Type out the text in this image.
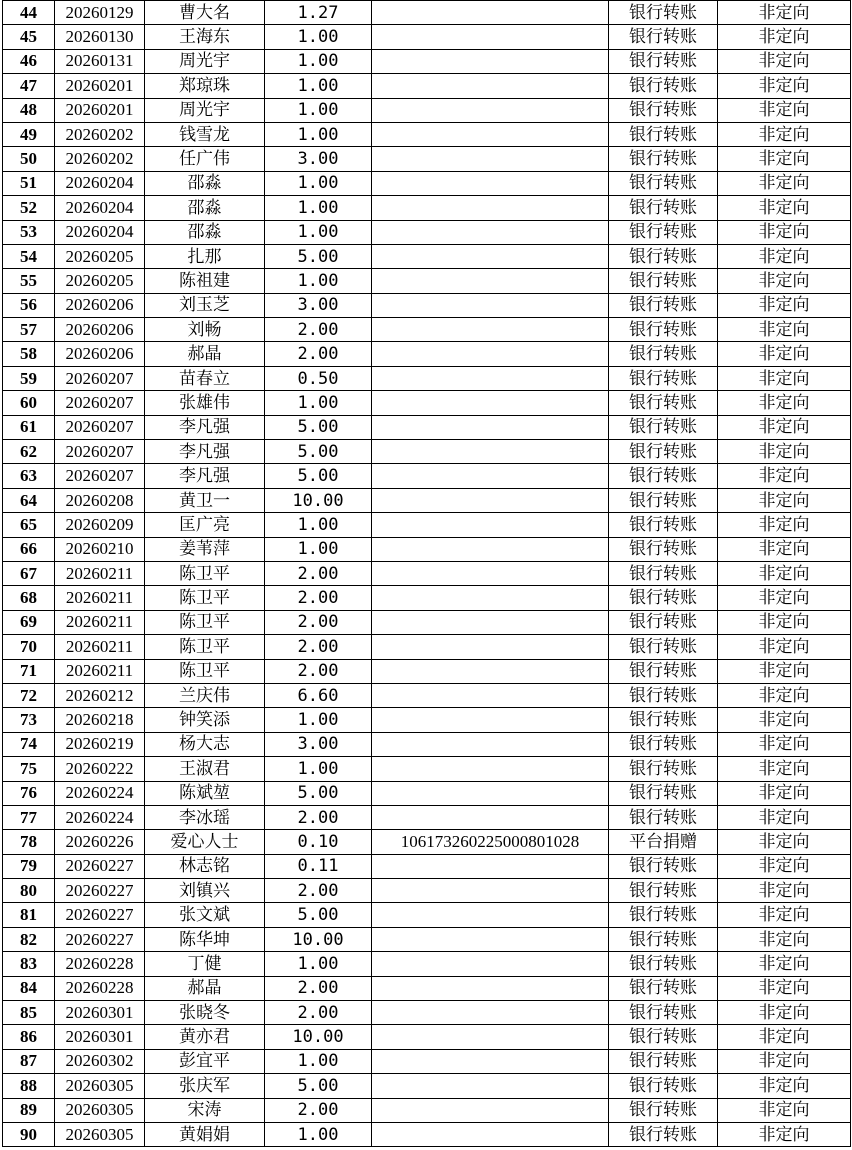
44	20260129	曹大名	1.27		银行转账	非定向
45	20260130	王海东	1.00		银行转账	非定向
46	20260131	周光宇	1.00		银行转账	非定向
47	20260201	郑琼珠	1.00		银行转账	非定向
48	20260201	周光宇	1.00		银行转账	非定向
49	20260202	钱雪龙	1.00		银行转账	非定向
50	20260202	任广伟	3.00		银行转账	非定向
51	20260204	邵淼	1.00		银行转账	非定向
52	20260204	邵淼	1.00		银行转账	非定向
53	20260204	邵淼	1.00		银行转账	非定向
54	20260205	扎那	5.00		银行转账	非定向
55	20260205	陈祖建	1.00		银行转账	非定向
56	20260206	刘玉芝	3.00		银行转账	非定向
57	20260206	刘畅	2.00		银行转账	非定向
58	20260206	郝晶	2.00		银行转账	非定向
59	20260207	苗春立	0.50		银行转账	非定向
60	20260207	张雄伟	1.00		银行转账	非定向
61	20260207	李凡强	5.00		银行转账	非定向
62	20260207	李凡强	5.00		银行转账	非定向
63	20260207	李凡强	5.00		银行转账	非定向
64	20260208	黄卫一	10.00		银行转账	非定向
65	20260209	匡广亮	1.00		银行转账	非定向
66	20260210	姜苇萍	1.00		银行转账	非定向
67	20260211	陈卫平	2.00		银行转账	非定向
68	20260211	陈卫平	2.00		银行转账	非定向
69	20260211	陈卫平	2.00		银行转账	非定向
70	20260211	陈卫平	2.00		银行转账	非定向
71	20260211	陈卫平	2.00		银行转账	非定向
72	20260212	兰庆伟	6.60		银行转账	非定向
73	20260218	钟笑添	1.00		银行转账	非定向
74	20260219	杨大志	3.00		银行转账	非定向
75	20260222	王淑君	1.00		银行转账	非定向
76	20260224	陈斌堃	5.00		银行转账	非定向
77	20260224	李冰瑶	2.00		银行转账	非定向
78	20260226	爱心人士	0.10	106173260225000801028	平台捐赠	非定向
79	20260227	林志铭	0.11		银行转账	非定向
80	20260227	刘镇兴	2.00		银行转账	非定向
81	20260227	张文斌	5.00		银行转账	非定向
82	20260227	陈华坤	10.00		银行转账	非定向
83	20260228	丁健	1.00		银行转账	非定向
84	20260228	郝晶	2.00		银行转账	非定向
85	20260301	张晓冬	2.00		银行转账	非定向
86	20260301	黄亦君	10.00		银行转账	非定向
87	20260302	彭宜平	1.00		银行转账	非定向
88	20260305	张庆军	5.00		银行转账	非定向
89	20260305	宋涛	2.00		银行转账	非定向
90	20260305	黄娟娟	1.00		银行转账	非定向
